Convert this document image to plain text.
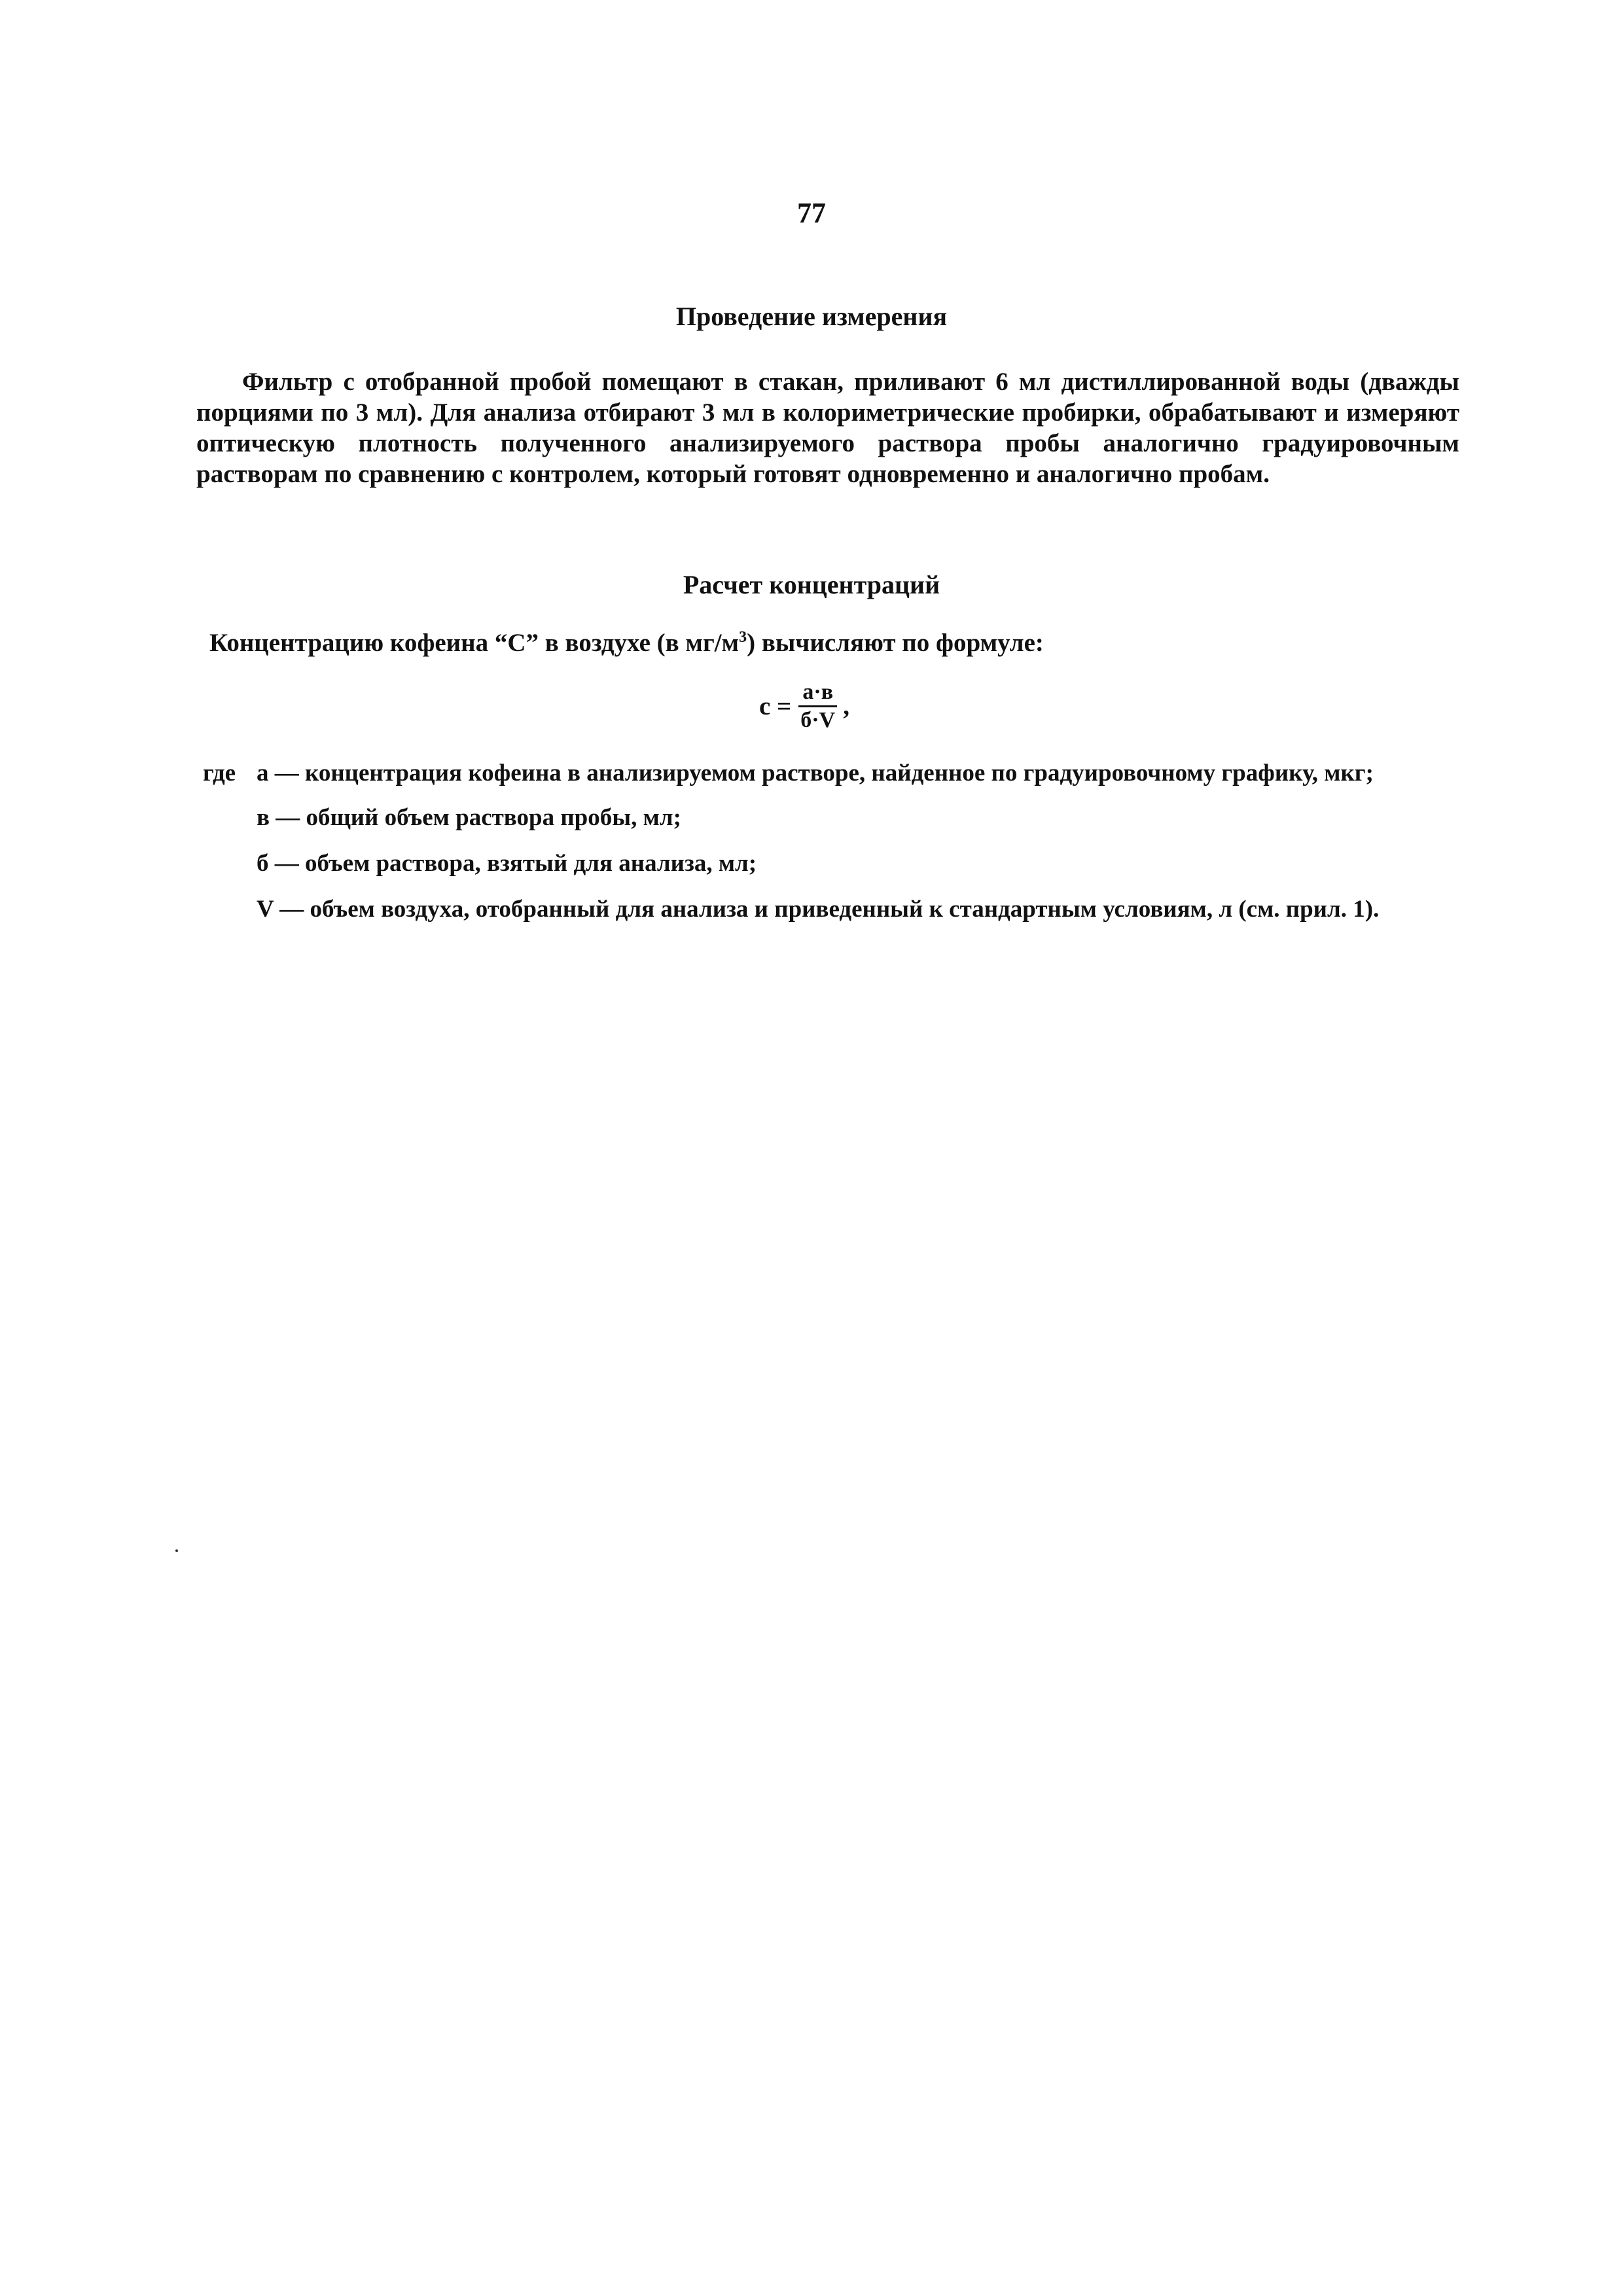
77
Проведение измерения

Фильтр с отобранной пробой помещают в стакан, приливают 6 мл дистиллированной воды (дважды порциями по 3 мл). Для анализа отбирают 3 мл в колориметрические пробирки, обрабатывают и измеряют оптическую плотность полученного анализируемого раствора пробы аналогично градуировочным растворам по сравнению с контролем, который готовят одновременно и аналогично пробам.

Расчет концентраций
Концентрацию кофеина “С” в воздухе (в $мг/м^3$) вычисляют по формуле:
$с = \frac{а\cdot в}{б\cdot V}$ ,
где а — концентрация кофеина в анализируемом растворе, найденное по градуировочному графику, мкг;
в — общий объем раствора пробы, мл;
б — объем раствора, взятый для анализа, мл;
V — объем воздуха, отобранный для анализа и приведенный к стандартным условиям, л (см. прил. 1).
